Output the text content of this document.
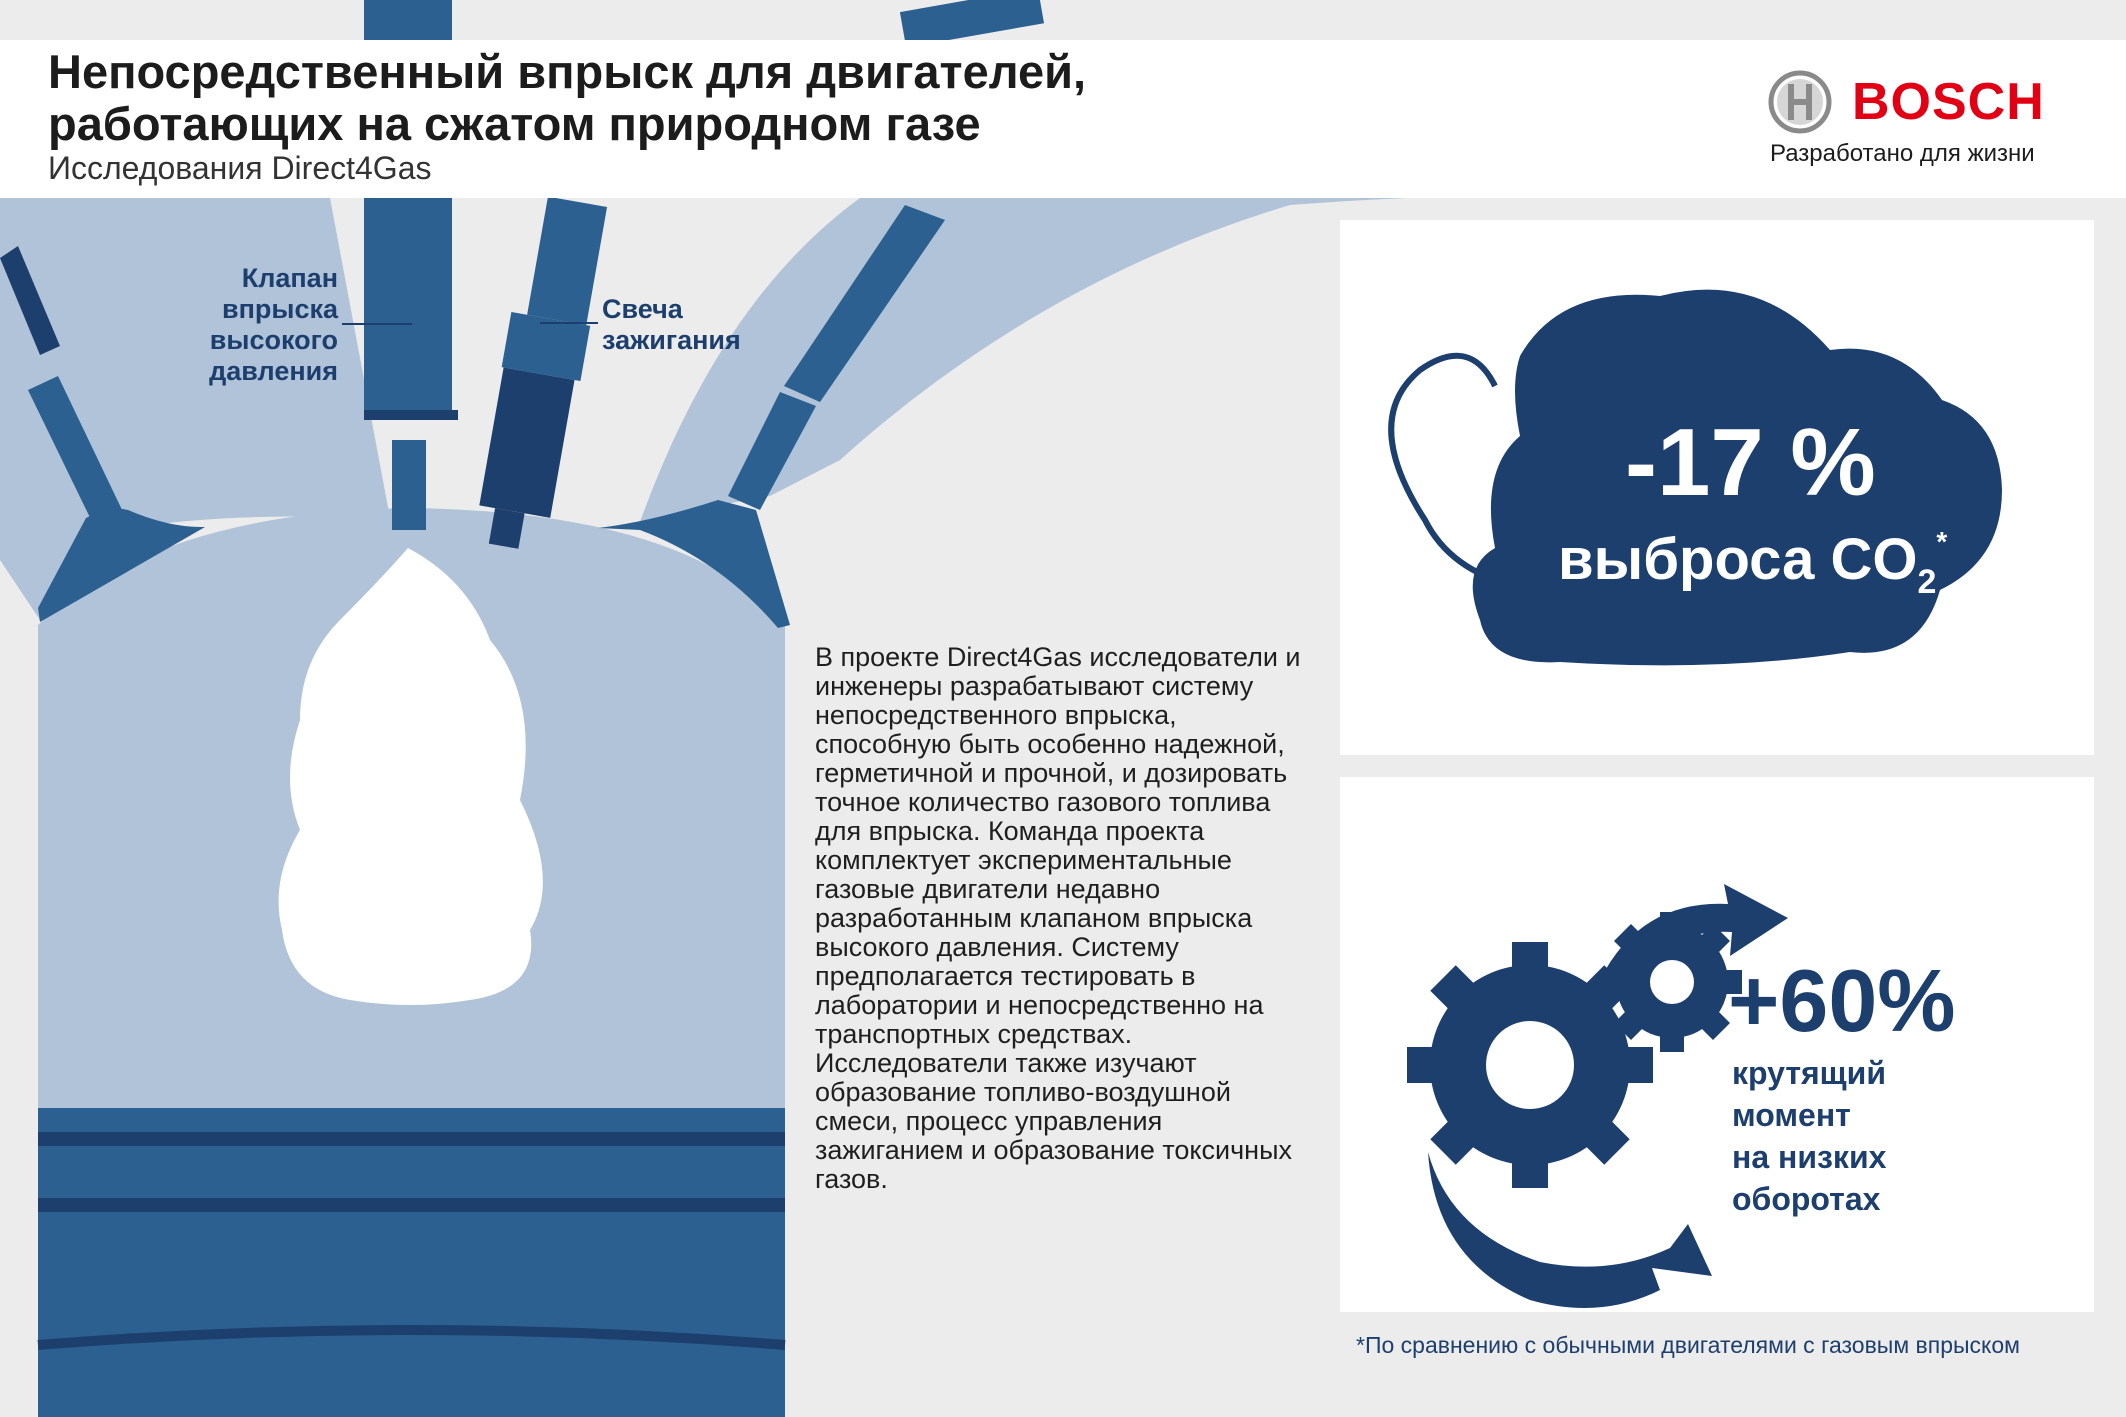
Непосредственный впрыск для двигателей,
работающих на сжатом природном газе
Исследования Direct4Gas
BOSCH
Разработано для жизни
Клапан
впрыска
высокого
давления
Свеча
зажигания
В проекте Direct4Gas исследователи и инженеры разрабатывают систему непосредственного впрыска, способную быть особенно надежной, герметичной и прочной, и дозировать точное количество газового топлива для впрыска. Команда проекта комплектует экспериментальные газовые двигатели недавно разработанным клапаном впрыска высокого давления. Систему предполагается тестировать в лаборатории и непосредственно на транспортных средствах. Исследователи также изучают образование топливо-воздушной смеси, процесс управления зажиганием и образование токсичных газов.
-17 %
выброса $CO_2^*$
+60%
крутящий
момент
на низких
оборотах
*По сравнению с обычными двигателями с газовым впрыском
